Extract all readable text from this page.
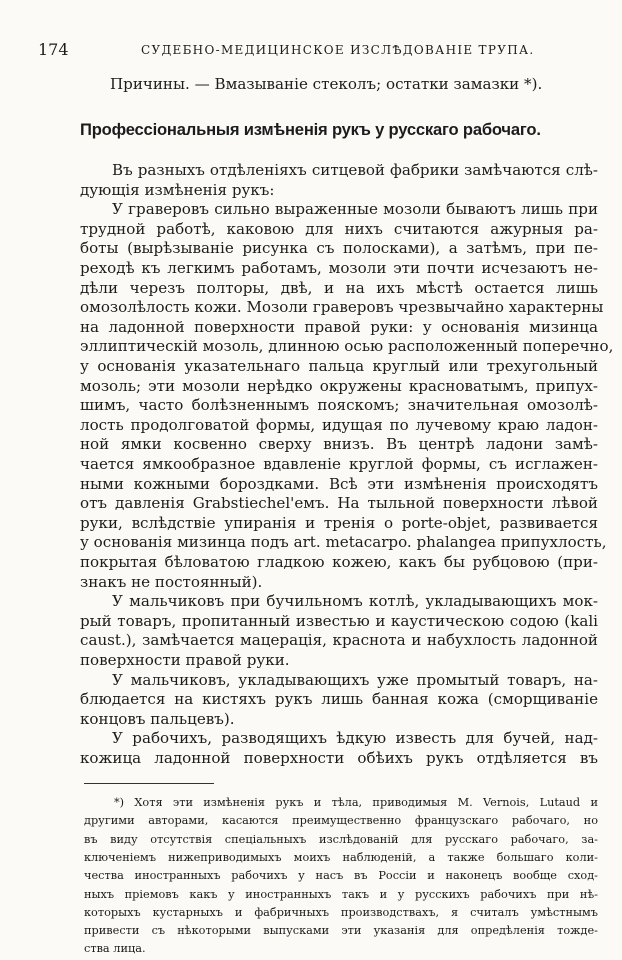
174	СУДЕБНО-МЕДИЦИНСКОЕ ИЗСЛѢДОВАНIЕ ТРУПА.
Причины. — Вмазыванiе стеколъ; остатки замазки *).
Профессiональныя измѣненiя рукъ у русскаго рабочаго.
Въ разныхъ отдѣленiяхъ ситцевой фабрики замѣчаются слѣ-
дующiя измѣненiя рукъ:
У граверовъ сильно выраженные мозоли бываютъ лишь при
трудной работѣ, каковою для нихъ считаются ажурныя ра-
боты (вырѣзыванiе рисунка съ полосками), а затѣмъ, при пе-
реходѣ къ легкимъ работамъ, мозоли эти почти исчезаютъ не-
дѣли черезъ полторы, двѣ, и на ихъ мѣстѣ остается лишь
омозолѣлость кожи. Мозоли граверовъ чрезвычайно характерны
на ладонной поверхности правой руки: у основанiя мизинца
эллиптическiй мозоль, длинною осью расположенный поперечно,
у основанiя указательнаго пальца круглый или трехугольный
мозоль; эти мозоли нерѣдко окружены красноватымъ, припух-
шимъ, часто болѣзненнымъ пояскомъ; значительная омозолѣ-
лость продолговатой формы, идущая по лучевому краю ладон-
ной ямки косвенно сверху внизъ. Въ центрѣ ладони замѣ-
чается ямкообразное вдавленiе круглой формы, съ исглажен-
ными кожными бороздками. Всѣ эти измѣненiя происходятъ
отъ давленiя Grabstiechel'емъ. На тыльной поверхности лѣвой
руки, вслѣдствiе упиранiя и тренiя о porte-objet, развивается
у основанiя мизинца подъ art. metacarpo. phalangea припухлость,
покрытая бѣловатою гладкою кожею, какъ бы рубцовою (при-
знакъ не постоянный).
У мальчиковъ при бучильномъ котлѣ, укладывающихъ мок-
рый товаръ, пропитанный известью и каустическою содою (kali
caust.), замѣчается мацерацiя, краснота и набухлость ладонной
поверхности правой руки.
У мальчиковъ, укладывающихъ уже промытый товаръ, на-
блюдается на кистяхъ рукъ лишь банная кожа (сморщиванiе
концовъ пальцевъ).
У рабочихъ, разводящихъ ѣдкую известь для бучей, над-
кожица ладонной поверхности обѣихъ рукъ отдѣляется въ
*) Хотя эти измѣненiя рукъ и тѣла, приводимыя M. Vernois, Lutaud и
другими авторами, касаются преимущественно французскаго рабочаго, но
въ виду отсутствiя спецiальныхъ изслѣдованiй для русскаго рабочаго, за-
ключенiемъ нижеприводимыхъ моихъ наблюденiй, а также большаго коли-
чества иностранныхъ рабочихъ у насъ въ Россiи и наконецъ вообще сход-
ныхъ прiемовъ какъ у иностранныхъ такъ и у русскихъ рабочихъ при нѣ-
которыхъ кустарныхъ и фабричныхъ производствахъ, я считалъ умѣстнымъ
привести съ нѣкоторыми выпусками эти указанiя для опредѣленiя тожде-
ства лица.
